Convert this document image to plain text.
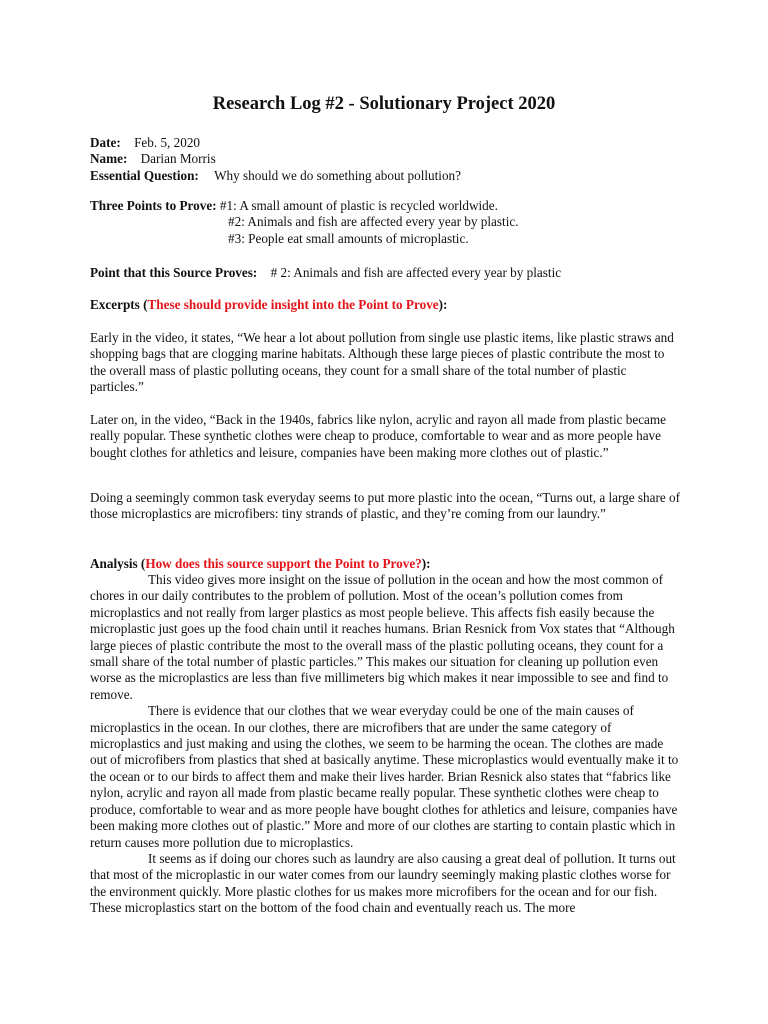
Research Log #2 - Solutionary Project 2020
Date: Feb. 5, 2020
Name: Darian Morris
Essential Question: Why should we do something about pollution?
Three Points to Prove: #1: A small amount of plastic is recycled worldwide.
#2: Animals and fish are affected every year by plastic.
#3: People eat small amounts of microplastic.
Point that this Source Proves: # 2: Animals and fish are affected every year by plastic
Excerpts (These should provide insight into the Point to Prove):

Early in the video, it states, “We hear a lot about pollution from single use plastic items, like plastic straws and shopping bags that are clogging marine habitats. Although these large pieces of plastic contribute the most to the overall mass of plastic polluting oceans, they count for a small share of the total number of plastic particles.”

Later on, in the video, “Back in the 1940s, fabrics like nylon, acrylic and rayon all made from plastic became really popular. These synthetic clothes were cheap to produce, comfortable to wear and as more people have bought clothes for athletics and leisure, companies have been making more clothes out of plastic.”

Doing a seemingly common task everyday seems to put more plastic into the ocean, “Turns out, a large share of those microplastics are microfibers: tiny strands of plastic, and they’re coming from our laundry.”

Analysis (How does this source support the Point to Prove?):

This video gives more insight on the issue of pollution in the ocean and how the most common of chores in our daily contributes to the problem of pollution. Most of the ocean’s pollution comes from microplastics and not really from larger plastics as most people believe. This affects fish easily because the microplastic just goes up the food chain until it reaches humans. Brian Resnick from Vox states that “Although large pieces of plastic contribute the most to the overall mass of the plastic polluting oceans, they count for a small share of the total number of plastic particles.” This makes our situation for cleaning up pollution even worse as the microplastics are less than five millimeters big which makes it near impossible to see and find to remove.

There is evidence that our clothes that we wear everyday could be one of the main causes of microplastics in the ocean. In our clothes, there are microfibers that are under the same category of microplastics and just making and using the clothes, we seem to be harming the ocean. The clothes are made out of microfibers from plastics that shed at basically anytime. These microplastics would eventually make it to the ocean or to our birds to affect them and make their lives harder. Brian Resnick also states that “fabrics like nylon, acrylic and rayon all made from plastic became really popular. These synthetic clothes were cheap to produce, comfortable to wear and as more people have bought clothes for athletics and leisure, companies have been making more clothes out of plastic.” More and more of our clothes are starting to contain plastic which in return causes more pollution due to microplastics.

It seems as if doing our chores such as laundry are also causing a great deal of pollution. It turns out that most of the microplastic in our water comes from our laundry seemingly making plastic clothes worse for the environment quickly. More plastic clothes for us makes more microfibers for the ocean and for our fish. These microplastics start on the bottom of the food chain and eventually reach us. The more
